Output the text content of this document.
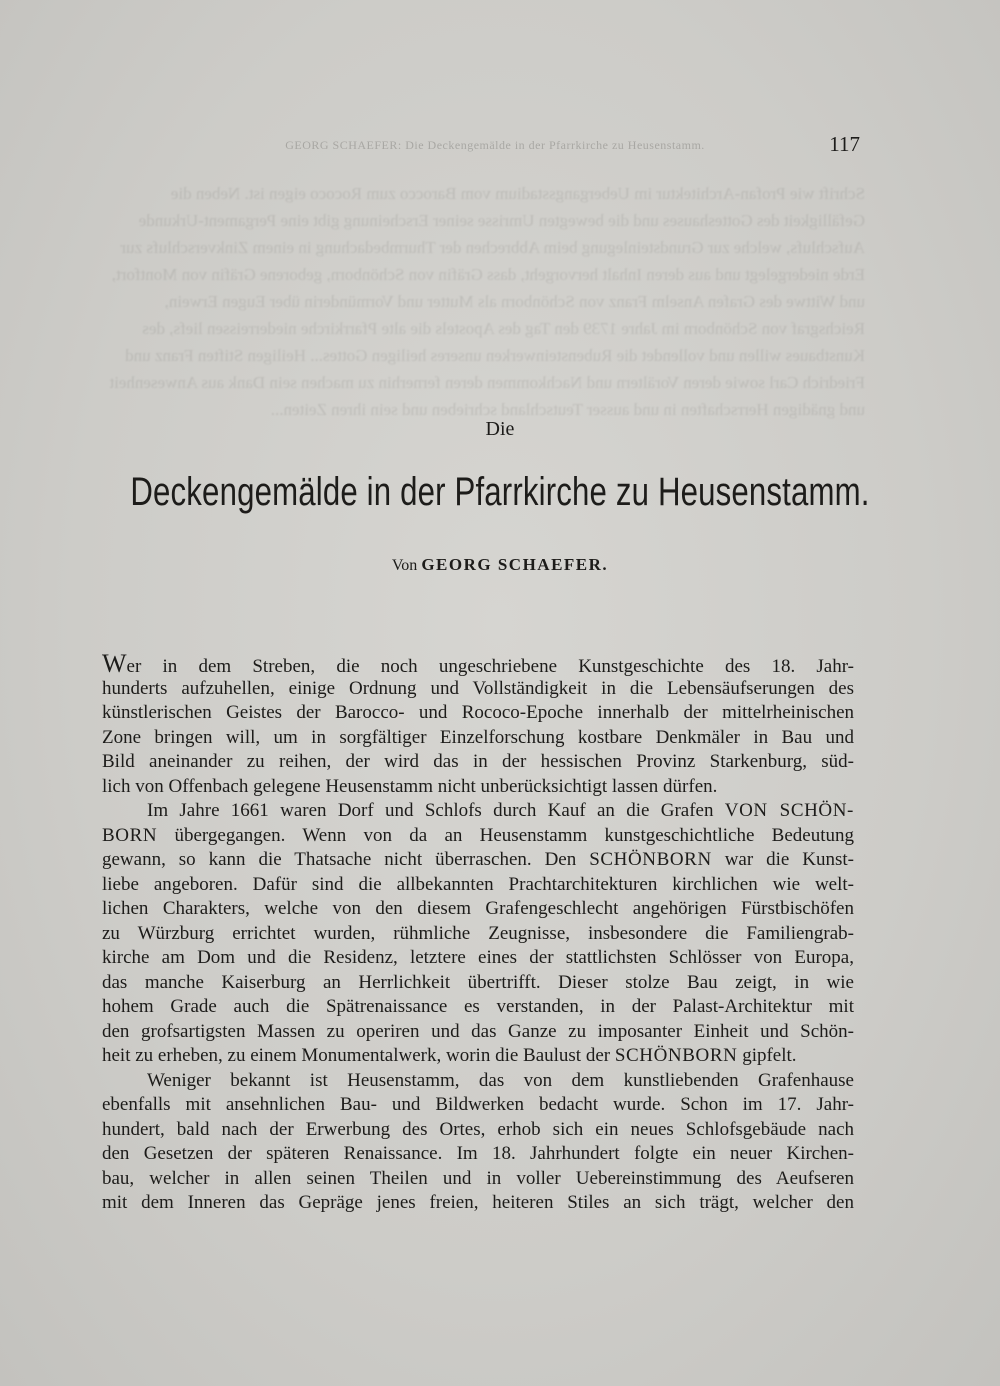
Schrift wie Profan-Architektur im Uebergangsstadium vom Barocco zum Rococo eigen ist. Neben die Gefälligkeit des Gotteshauses und die bewegten Umrisse seiner Erscheinung gibt eine Pergament-Urkunde Aufschlufs, welche zur Grundsteinlegung beim Abbrechen der Thurmbedachung in einem Zinkverschlufs zur Erde niedergelegt und aus deren Inhalt hervorgeht, dass Gräfin von Schönborn, geborene Gräfin von Montfort, und Wittwe des Grafen Anselm Franz von Schönborn als Mutter und Vormünderin über Eugen Erwein, Reichsgraf von Schönborn im Jahre 1739 den Tag des Apostels die alte Pfarrkirche niederreissen liefs, des Kunstbaues willen und vollendet die Rubensteinwerken unseres heiligen Gottes... Heiligen Stiften Franz und Friedrich Carl sowie deren Vorältern und Nachkommen deren fernerhin zu machen sein Dank aus Anwesenheit und gnädigen Herrschaften in und ausser Teutschland schrieben und sein ihren Zeiten...
GEORG SCHAEFER: Die Deckengemälde in der Pfarrkirche zu Heusenstamm.	117
Die
Deckengemälde in der Pfarrkirche zu Heusenstamm.
Von GEORG SCHAEFER.
Wer in dem Streben, die noch ungeschriebene Kunstgeschichte des 18. Jahr-
hunderts aufzuhellen, einige Ordnung und Vollständigkeit in die Lebensäufserungen des
künstlerischen Geistes der Barocco- und Rococo-Epoche innerhalb der mittelrheinischen
Zone bringen will, um in sorgfältiger Einzelforschung kostbare Denkmäler in Bau und
Bild aneinander zu reihen, der wird das in der hessischen Provinz Starkenburg, süd-
lich von Offenbach gelegene Heusenstamm nicht unberücksichtigt lassen dürfen.
Im Jahre 1661 waren Dorf und Schlofs durch Kauf an die Grafen VON SCHÖN-
BORN übergegangen. Wenn von da an Heusenstamm kunstgeschichtliche Bedeutung
gewann, so kann die Thatsache nicht überraschen. Den SCHÖNBORN war die Kunst-
liebe angeboren. Dafür sind die allbekannten Prachtarchitekturen kirchlichen wie welt-
lichen Charakters, welche von den diesem Grafengeschlecht angehörigen Fürstbischöfen
zu Würzburg errichtet wurden, rühmliche Zeugnisse, insbesondere die Familiengrab-
kirche am Dom und die Residenz, letztere eines der stattlichsten Schlösser von Europa,
das manche Kaiserburg an Herrlichkeit übertrifft. Dieser stolze Bau zeigt, in wie
hohem Grade auch die Spätrenaissance es verstanden, in der Palast-Architektur mit
den grofsartigsten Massen zu operiren und das Ganze zu imposanter Einheit und Schön-
heit zu erheben, zu einem Monumentalwerk, worin die Baulust der SCHÖNBORN gipfelt.
Weniger bekannt ist Heusenstamm, das von dem kunstliebenden Grafenhause
ebenfalls mit ansehnlichen Bau- und Bildwerken bedacht wurde. Schon im 17. Jahr-
hundert, bald nach der Erwerbung des Ortes, erhob sich ein neues Schlofsgebäude nach
den Gesetzen der späteren Renaissance. Im 18. Jahrhundert folgte ein neuer Kirchen-
bau, welcher in allen seinen Theilen und in voller Uebereinstimmung des Aeufseren
mit dem Inneren das Gepräge jenes freien, heiteren Stiles an sich trägt, welcher den
